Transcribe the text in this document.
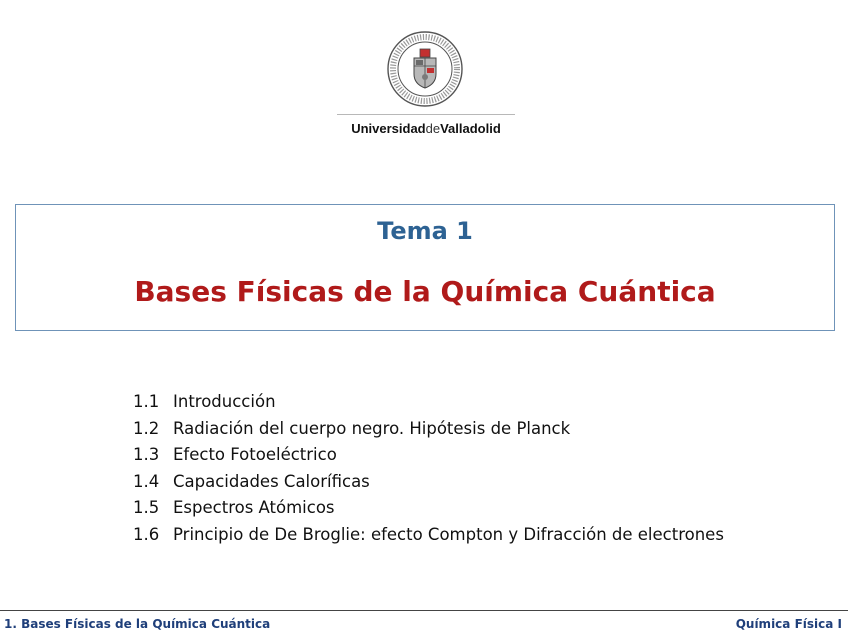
UniversidaddeValladolid
Tema 1
Bases Físicas de la Química Cuántica
1.1 Introducción
1.2 Radiación del cuerpo negro. Hipótesis de Planck
1.3 Efecto Fotoeléctrico
1.4 Capacidades Caloríficas
1.5 Espectros Atómicos
1.6 Principio de De Broglie: efecto Compton y Difracción de electrones
1. Bases Físicas de la Química Cuántica	Química Física I
